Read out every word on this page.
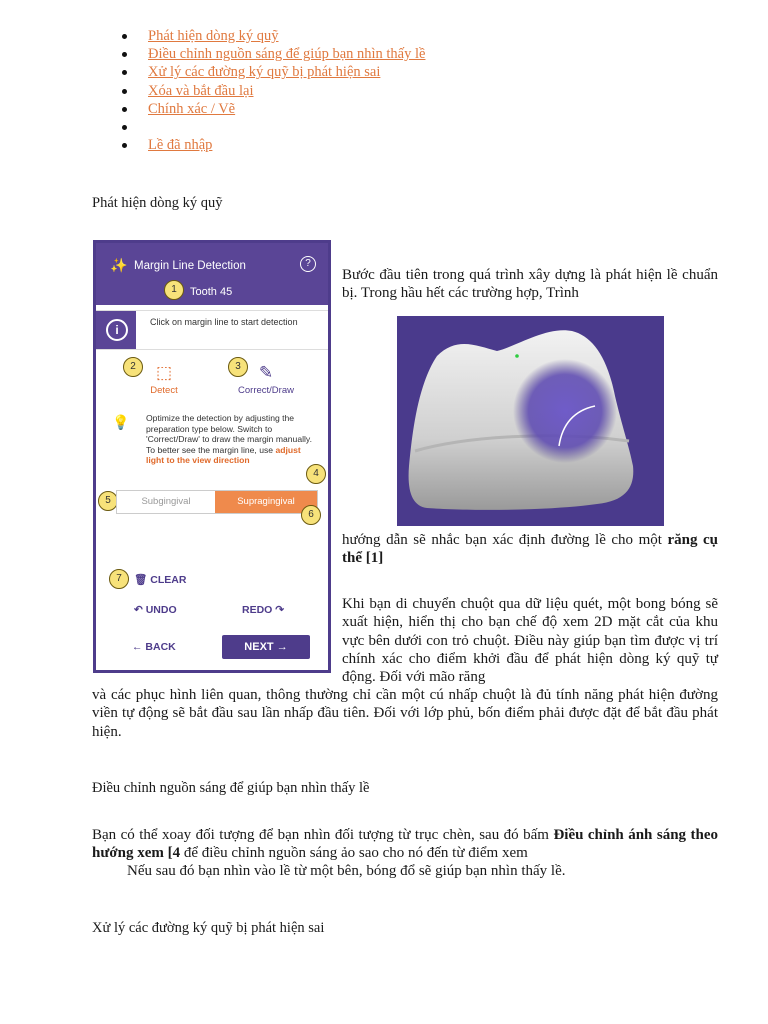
Phát hiện dòng ký quỹ
Điều chỉnh nguồn sáng để giúp bạn nhìn thấy lề
Xử lý các đường ký quỹ bị phát hiện sai
Xóa và bắt đầu lại
Chính xác / Vẽ
Lề đã nhập
Phát hiện dòng ký quỹ
✨ Margin Line Detection	?
Tooth 45
1
i
Click on margin line to start detection
2	⬚
Detect
3	✎
Correct/Draw
💡 Optimize the detection by adjusting the preparation type below. Switch to 'Correct/Draw' to draw the margin manually. To better see the margin line, use adjust light to the view direction
4
5	Subgingival	Supragingival
6
7	🗑 CLEAR
↶ UNDO	REDO ↷
← BACK	NEXT →
Bước đầu tiên trong quá trình xây dựng là phát hiện lề chuẩn bị. Trong hầu hết các trường hợp, Trình
hướng dẫn sẽ nhắc bạn xác định đường lề cho một răng cụ thể [1]
Khi bạn di chuyển chuột qua dữ liệu quét, một bong bóng sẽ xuất hiện, hiển thị cho bạn chế độ xem 2D mặt cắt của khu vực bên dưới con trỏ chuột. Điều này giúp bạn tìm được vị trí chính xác cho điểm khởi đầu để phát hiện dòng ký quỹ tự động. Đối với mão răng
và các phục hình liên quan, thông thường chỉ cần một cú nhấp chuột là đủ tính năng phát hiện đường viền tự động sẽ bắt đầu sau lần nhấp đầu tiên. Đối với lớp phủ, bốn điểm phải được đặt để bắt đầu phát hiện.
Điều chỉnh nguồn sáng để giúp bạn nhìn thấy lề
Bạn có thể xoay đối tượng để bạn nhìn đối tượng từ trục chèn, sau đó bấm Điều chỉnh ánh sáng theo hướng xem [4 để điều chỉnh nguồn sáng ảo sao cho nó đến từ điểm xem
Nếu sau đó bạn nhìn vào lề từ một bên, bóng đổ sẽ giúp bạn nhìn thấy lề.
Xử lý các đường ký quỹ bị phát hiện sai
